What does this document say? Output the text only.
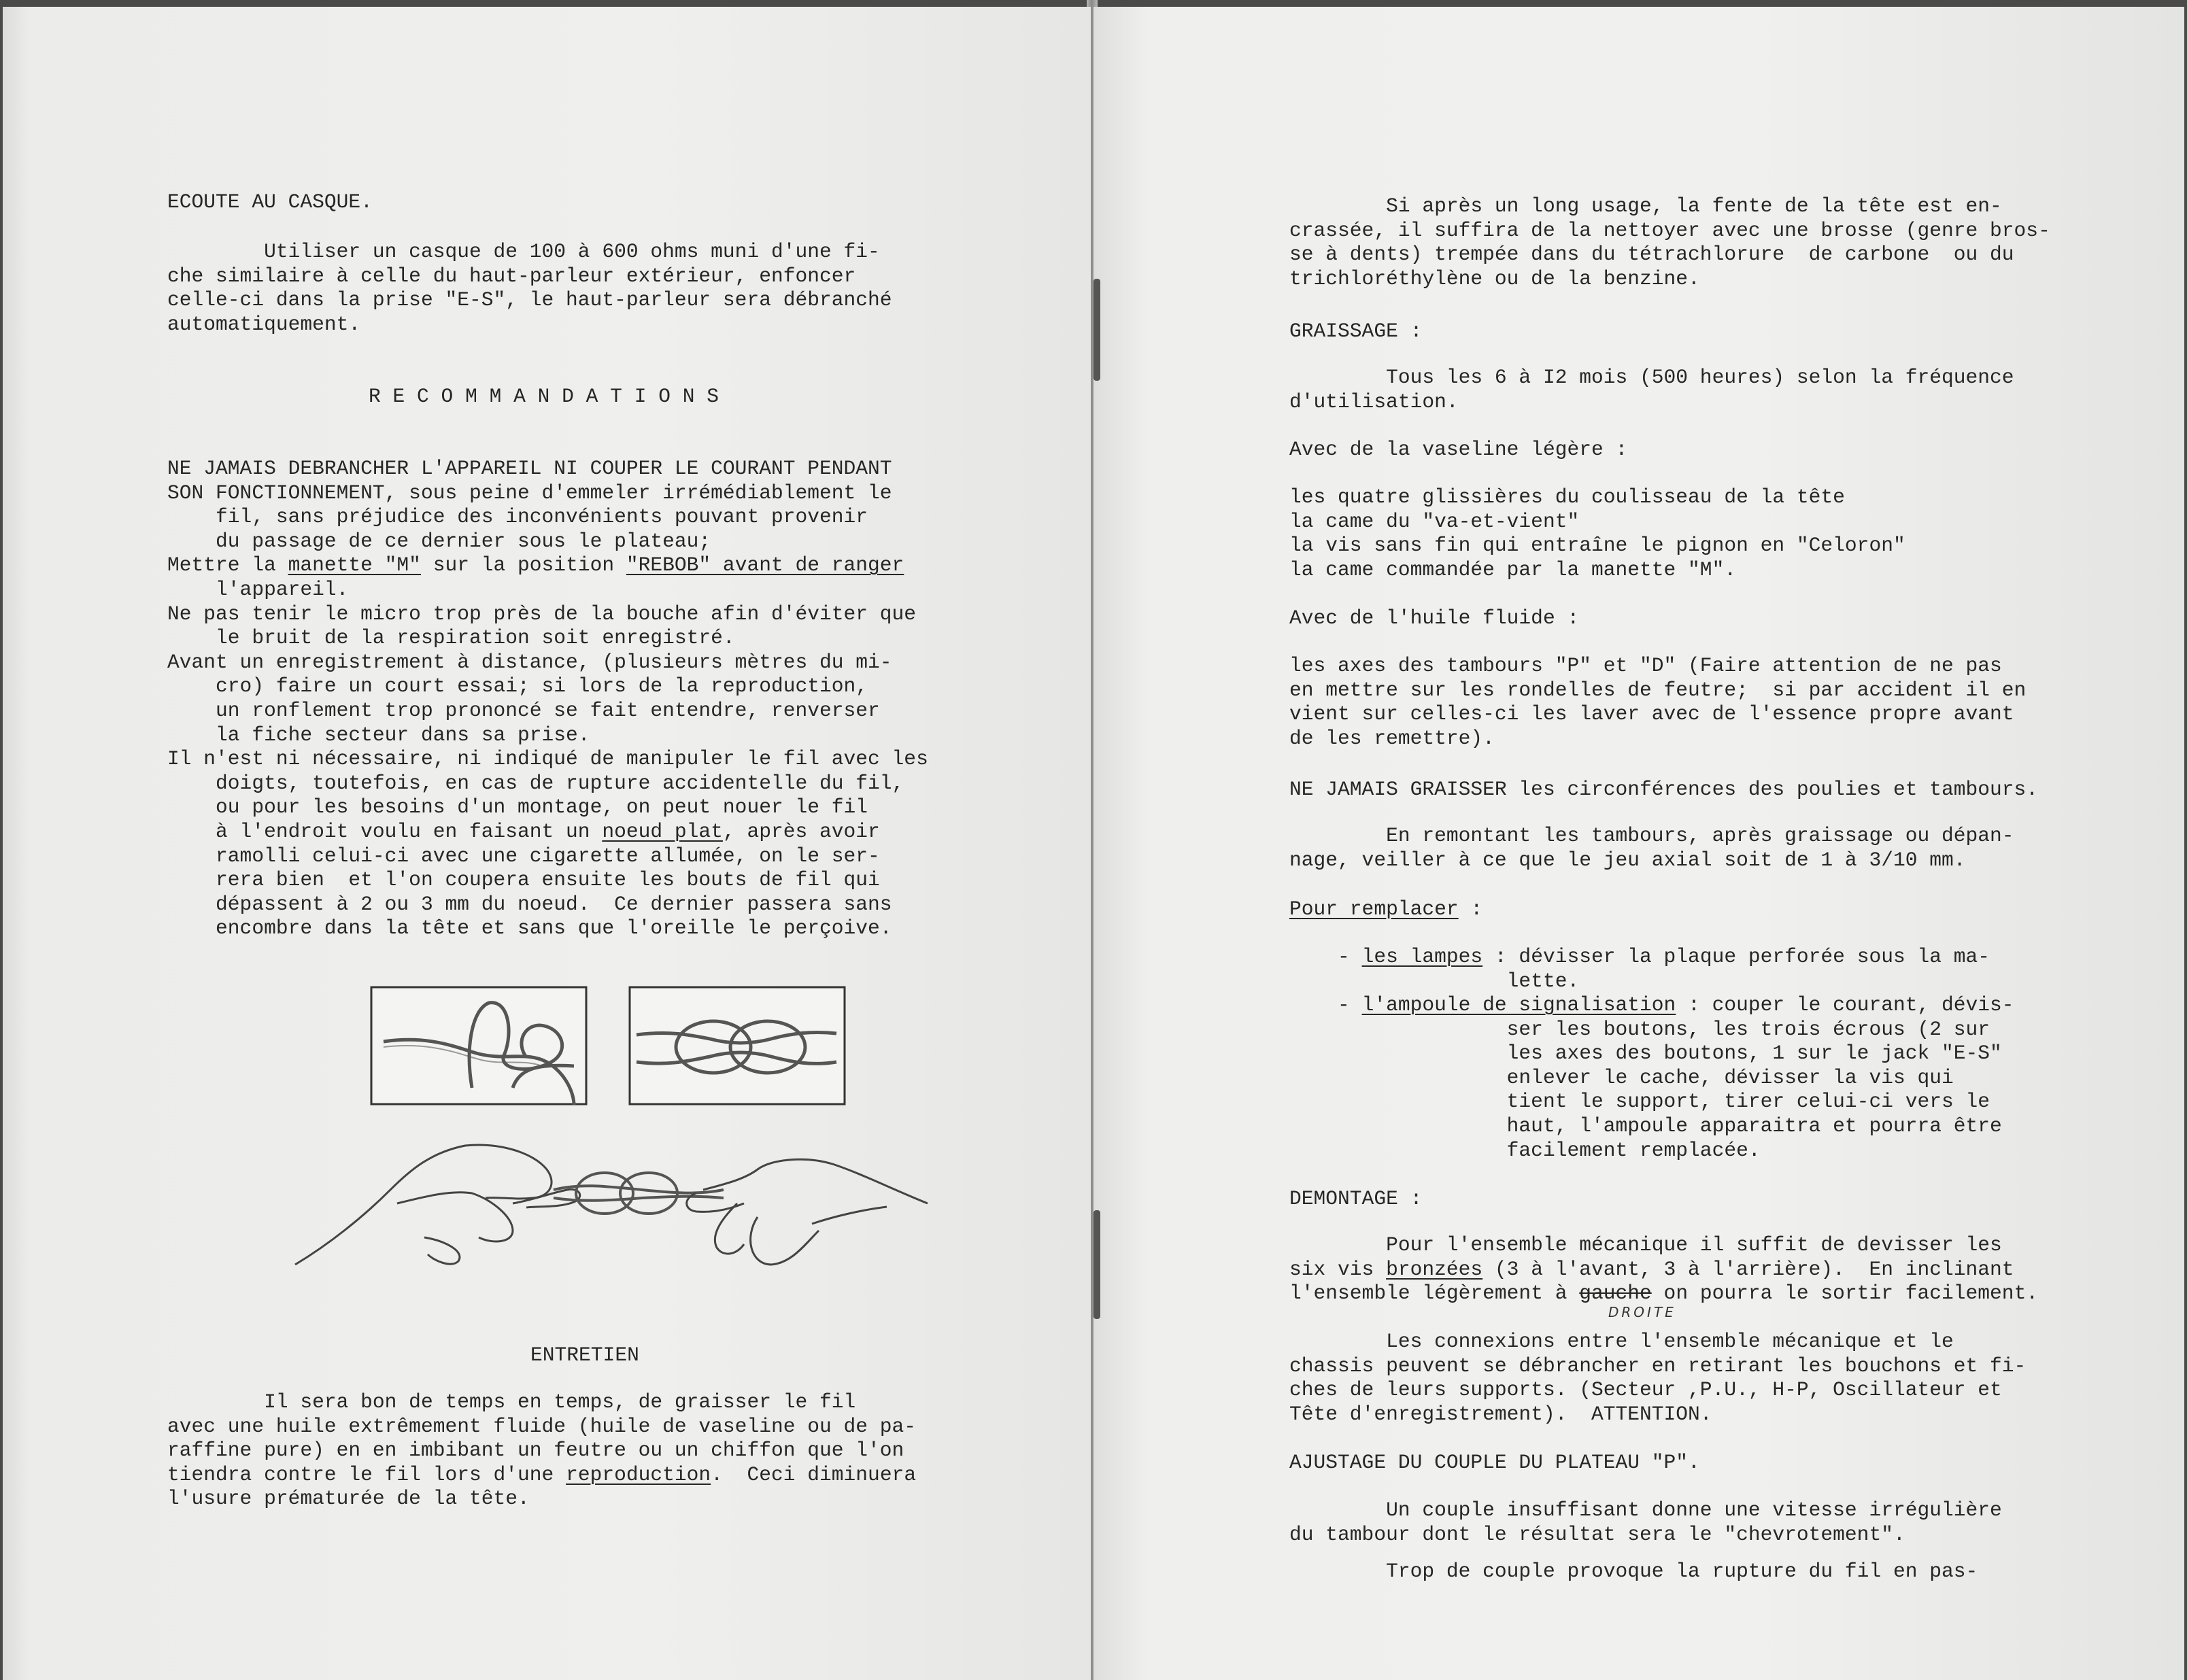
ECOUTE AU CASQUE.
Utiliser un casque de 100 à 600 ohms muni d'une fi-
che similaire à celle du haut-parleur extérieur, enfoncer
celle-ci dans la prise "E-S", le haut-parleur sera débranché
automatiquement.
R E C O M M A N D A T I O N S
NE JAMAIS DEBRANCHER L'APPAREIL NI COUPER LE COURANT PENDANT
SON FONCTIONNEMENT, sous peine d'emmeler irrémédiablement le
fil, sans préjudice des inconvénients pouvant provenir
du passage de ce dernier sous le plateau;
Mettre la manette "M" sur la position "REBOB" avant de ranger
l'appareil.
Ne pas tenir le micro trop près de la bouche afin d'éviter que
le bruit de la respiration soit enregistré.
Avant un enregistrement à distance, (plusieurs mètres du mi-
cro) faire un court essai; si lors de la reproduction,
un ronflement trop prononcé se fait entendre, renverser
la fiche secteur dans sa prise.
Il n'est ni nécessaire, ni indiqué de manipuler le fil avec les
doigts, toutefois, en cas de rupture accidentelle du fil,
ou pour les besoins d'un montage, on peut nouer le fil
à l'endroit voulu en faisant un noeud plat, après avoir
ramolli celui-ci avec une cigarette allumée, on le ser-
rera bien  et l'on coupera ensuite les bouts de fil qui
dépassent à 2 ou 3 mm du noeud.  Ce dernier passera sans
encombre dans la tête et sans que l'oreille le perçoive.
ENTRETIEN
Il sera bon de temps en temps, de graisser le fil
avec une huile extrêmement fluide (huile de vaseline ou de pa-
raffine pure) en en imbibant un feutre ou un chiffon que l'on
tiendra contre le fil lors d'une reproduction.  Ceci diminuera
l'usure prématurée de la tête.
Si après un long usage, la fente de la tête est en-
crassée, il suffira de la nettoyer avec une brosse (genre bros-
se à dents) trempée dans du tétrachlorure  de carbone  ou du
trichloréthylène ou de la benzine.
GRAISSAGE :
Tous les 6 à I2 mois (500 heures) selon la fréquence
d'utilisation.
Avec de la vaseline légère :
les quatre glissières du coulisseau de la tête
la came du "va-et-vient"
la vis sans fin qui entraîne le pignon en "Celoron"
la came commandée par la manette "M".
Avec de l'huile fluide :
les axes des tambours "P" et "D" (Faire attention de ne pas
en mettre sur les rondelles de feutre;  si par accident il en
vient sur celles-ci les laver avec de l'essence propre avant
de les remettre).
NE JAMAIS GRAISSER les circonférences des poulies et tambours.
En remontant les tambours, après graissage ou dépan-
nage, veiller à ce que le jeu axial soit de 1 à 3/10 mm.
Pour remplacer :
- les lampes : dévisser la plaque perforée sous la ma-
lette.
- l'ampoule de signalisation : couper le courant, dévis-
ser les boutons, les trois écrous (2 sur
les axes des boutons, 1 sur le jack "E-S"
enlever le cache, dévisser la vis qui
tient le support, tirer celui-ci vers le
haut, l'ampoule apparaitra et pourra être
facilement remplacée.
DEMONTAGE :
Pour l'ensemble mécanique il suffit de devisser les
six vis bronzées (3 à l'avant, 3 à l'arrière).  En inclinant
l'ensemble légèrement à gauche on pourra le sortir facilement.
DROITE
Les connexions entre l'ensemble mécanique et le
chassis peuvent se débrancher en retirant les bouchons et fi-
ches de leurs supports. (Secteur ,P.U., H-P, Oscillateur et
Tête d'enregistrement).  ATTENTION.
AJUSTAGE DU COUPLE DU PLATEAU "P".
Un couple insuffisant donne une vitesse irrégulière
du tambour dont le résultat sera le "chevrotement".
Trop de couple provoque la rupture du fil en pas-
